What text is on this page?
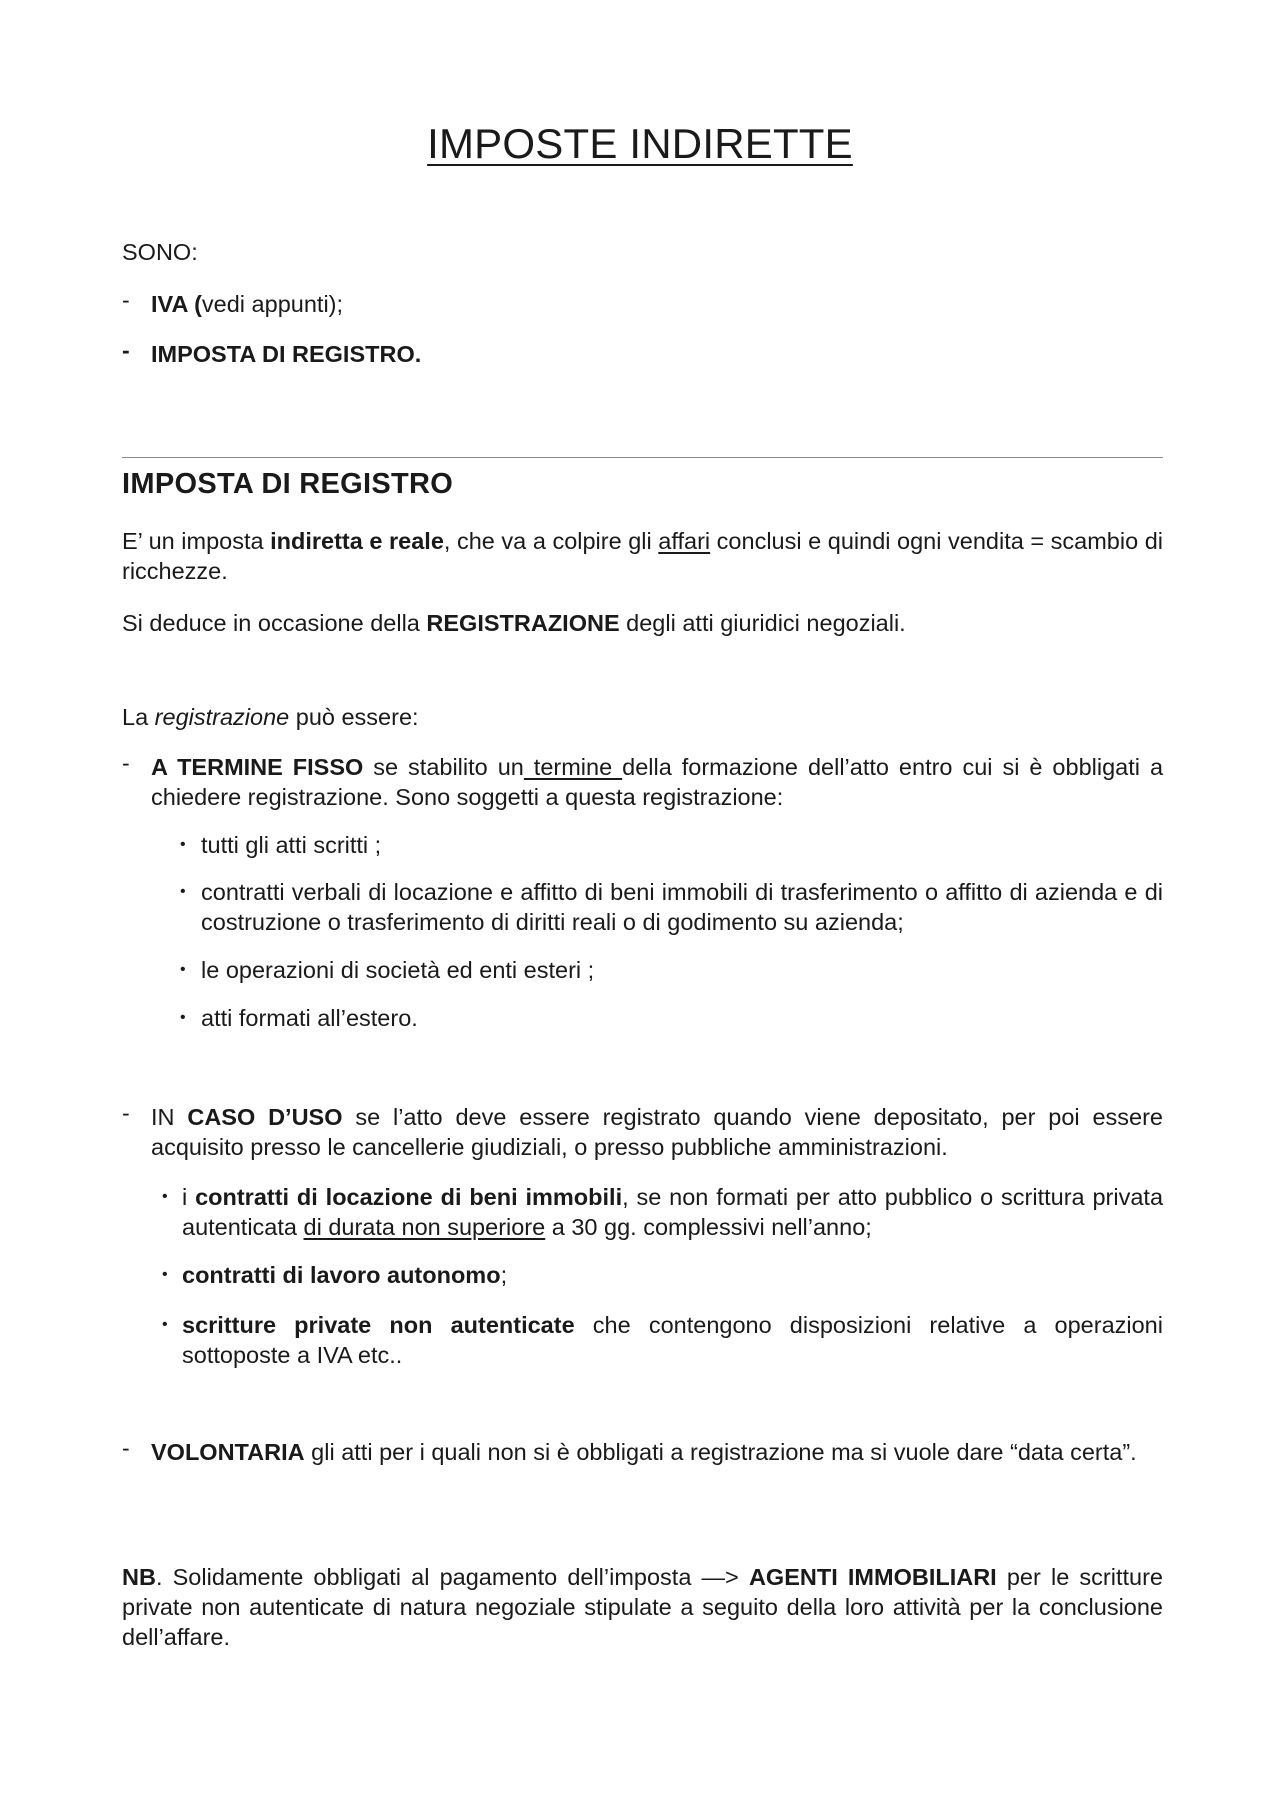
IMPOSTE INDIRETTE
SONO:
- IVA (vedi appunti);
- IMPOSTA DI REGISTRO.
IMPOSTA DI REGISTRO
E’ un imposta indiretta e reale, che va a colpire gli affari conclusi e quindi ogni vendita = scambio di ricchezze.
Si deduce in occasione della REGISTRAZIONE degli atti giuridici negoziali.
La registrazione può essere:
- A TERMINE FISSO se stabilito un termine della formazione dell’atto entro cui si è obbligati a chiedere registrazione. Sono soggetti a questa registrazione:
• tutti gli atti scritti ;
• contratti verbali di locazione e affitto di beni immobili di trasferimento o affitto di azienda e di costruzione o trasferimento di diritti reali o di godimento su azienda;
• le operazioni di società ed enti esteri ;
• atti formati all’estero.
- IN CASO D’USO se l’atto deve essere registrato quando viene depositato, per poi essere acquisito presso le cancellerie giudiziali, o presso pubbliche amministrazioni.
• i contratti di locazione di beni immobili, se non formati per atto pubblico o scrittura privata autenticata di durata non superiore a 30 gg. complessivi nell’anno;
• contratti di lavoro autonomo;
• scritture private non autenticate che contengono disposizioni relative a operazioni sottoposte a IVA etc..
- VOLONTARIA gli atti per i quali non si è obbligati a registrazione ma si vuole dare “data certa”.
NB. Solidamente obbligati al pagamento dell’imposta —> AGENTI IMMOBILIARI per le scritture private non autenticate di natura negoziale stipulate a seguito della loro attività per la conclusione dell’affare.
